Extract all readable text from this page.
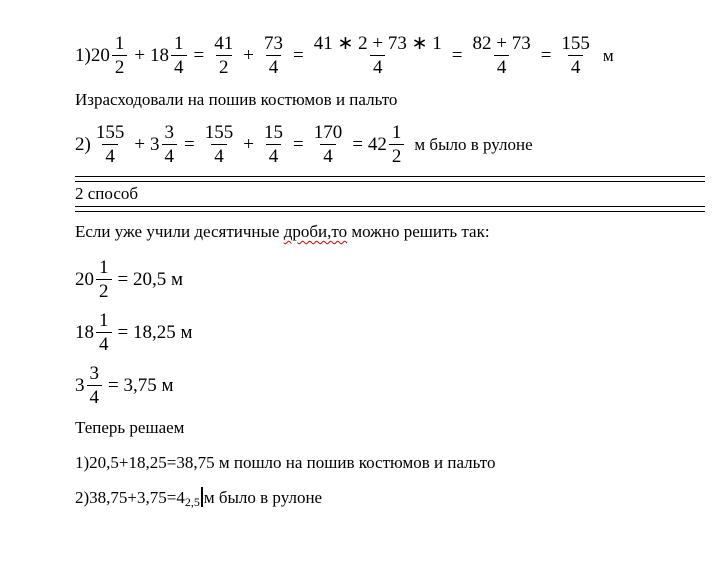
$1)20 \frac{1}{2} + 18 \frac{1}{4} = \frac{41}{2} + \frac{73}{4} = \frac{41 ∗ 2 + 73 ∗ 1}{4} = \frac{82 + 73}{4} = \frac{155}{4}$ м
Израсходовали на пошив костюмов и пальто
$2) \frac{155}{4} + 3 \frac{3}{4} = \frac{155}{4} + \frac{15}{4} = \frac{170}{4} = 42 \frac{1}{2}$ м было в рулоне
2 способ
Если уже учили десятичные дроби,то можно решить так:
$20 \frac{1}{2} = 20,5$ м
$18 \frac{1}{4} = 18,25$ м
$3 \frac{3}{4} = 3,75$ м
Теперь решаем
1)20,5+18,25=38,75 м пошло на пошив костюмов и пальто
$2)38,75+3,75=4_{2,5}$ м было в рулоне
